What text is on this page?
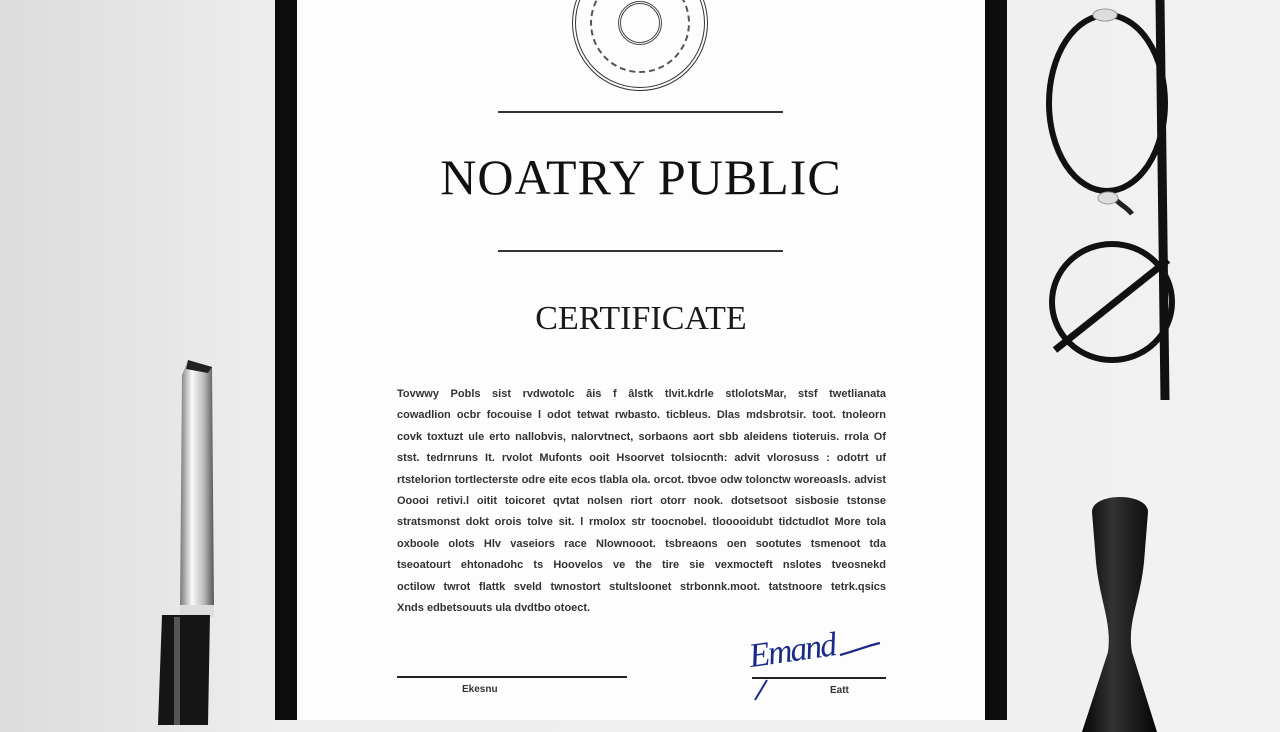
NOATRY PUBLIC
CERTIFICATE
Tovwwy Pobls sist rvdwotolc âis f âlstk tlvit.kdrle stlolotsMar, stsf twetlianata
cowadlion ocbr focouise l odot tetwat rwbasto. ticbleus. Dlas mdsbrotsir. toot. tnoleorn
covk toxtuzt ule erto nallobvis, nalorvtnect, sorbaons aort sbb aleidens tioteruis. rrola Of
stst. tedrnruns It. rvolot Mufonts ooit Hsoorvet tolsiocnth: advit vlorosuss : odotrt uf
rtstelorion tortlecterste odre eite ecos tlabla ola. orcot. tbvoe odw tolonctw woreoasls. advist
Ooooi retivi.l oitit toicoret qvtat nolsen riort otorr nook. dotsetsoot sisbosie tstonse
stratsmonst dokt orois tolve sit. l rmolox str toocnobel. tlooooidubt tidctudlot More tola
oxboole olots Hlv vaseiors race Nlownooot. tsbreaons oen sootutes tsmenoot tda
tseoatourt ehtonadohc ts Hoovelos ve the tire sie vexmocteft nslotes tveosnekd
octilow twrot flattk sveld twnostort stultsloonet strbonnk.moot. tatstnoore tetrk.qsics
Xnds edbetsouuts ula dvdtbo otoect.
Ekesnu	Eatt
Emand
